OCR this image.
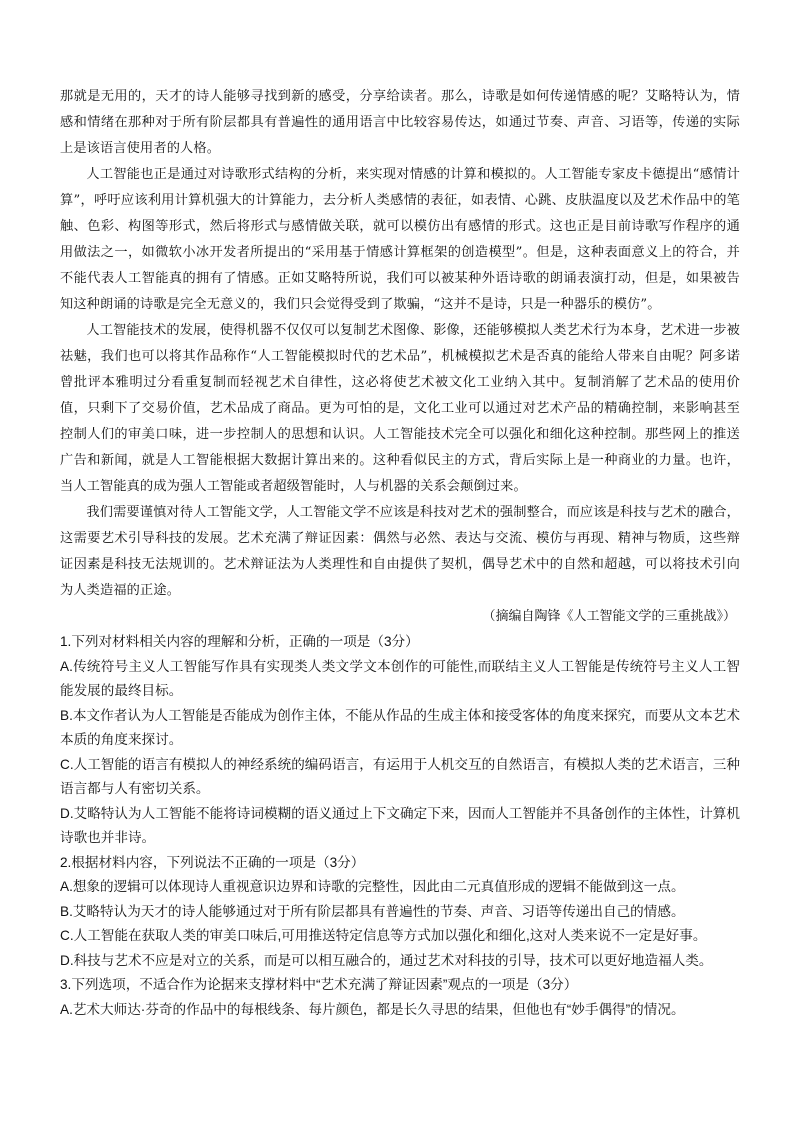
那就是无用的，天才的诗人能够寻找到新的感受，分享给读者。那么，诗歌是如何传递情感的呢？艾略特认为，情感和情绪在那种对于所有阶层都具有普遍性的通用语言中比较容易传达，如通过节奏、声音、习语等，传递的实际上是该语言使用者的人格。

人工智能也正是通过对诗歌形式结构的分析，来实现对情感的计算和模拟的。人工智能专家皮卡德提出“感情计算”，呼吁应该利用计算机强大的计算能力，去分析人类感情的表征，如表情、心跳、皮肤温度以及艺术作品中的笔触、色彩、构图等形式，然后将形式与感情做关联，就可以模仿出有感情的形式。这也正是目前诗歌写作程序的通用做法之一，如微软小冰开发者所提出的“采用基于情感计算框架的创造模型”。但是，这种表面意义上的符合，并不能代表人工智能真的拥有了情感。正如艾略特所说，我们可以被某种外语诗歌的朗诵表演打动，但是，如果被告知这种朗诵的诗歌是完全无意义的，我们只会觉得受到了欺骗，“这并不是诗，只是一种器乐的模仿”。

人工智能技术的发展，使得机器不仅仅可以复制艺术图像、影像，还能够模拟人类艺术行为本身，艺术进一步被祛魅，我们也可以将其作品称作“人工智能模拟时代的艺术品”，机械模拟艺术是否真的能给人带来自由呢？阿多诺曾批评本雅明过分看重复制而轻视艺术自律性，这必将使艺术被文化工业纳入其中。复制消解了艺术品的使用价值，只剩下了交易价值，艺术品成了商品。更为可怕的是，文化工业可以通过对艺术产品的精确控制，来影响甚至控制人们的审美口味，进一步控制人的思想和认识。人工智能技术完全可以强化和细化这种控制。那些网上的推送广告和新闻，就是人工智能根据大数据计算出来的。这种看似民主的方式，背后实际上是一种商业的力量。也许，当人工智能真的成为强人工智能或者超级智能时，人与机器的关系会颠倒过来。

我们需要谨慎对待人工智能文学，人工智能文学不应该是科技对艺术的强制整合，而应该是科技与艺术的融合，这需要艺术引导科技的发展。艺术充满了辩证因素：偶然与必然、表达与交流、模仿与再现、精神与物质，这些辩证因素是科技无法规训的。艺术辩证法为人类理性和自由提供了契机，偶导艺术中的自然和超越，可以将技术引向为人类造福的正途。

（摘编自陶锋《人工智能文学的三重挑战》）

1.下列对材料相关内容的理解和分析，正确的一项是（3分）

A.传统符号主义人工智能写作具有实现类人类文学文本创作的可能性,而联结主义人工智能是传统符号主义人工智能发展的最终目标。

B.本文作者认为人工智能是否能成为创作主体，不能从作品的生成主体和接受客体的角度来探究，而要从文本艺术本质的角度来探讨。

C.人工智能的语言有模拟人的神经系统的编码语言，有运用于人机交互的自然语言，有模拟人类的艺术语言，三种语言都与人有密切关系。

D.艾略特认为人工智能不能将诗词模糊的语义通过上下文确定下来，因而人工智能并不具备创作的主体性，计算机诗歌也并非诗。

2.根据材料内容，下列说法不正确的一项是（3分）

A.想象的逻辑可以体现诗人重视意识边界和诗歌的完整性，因此由二元真值形成的逻辑不能做到这一点。

B.艾略特认为天才的诗人能够通过对于所有阶层都具有普遍性的节奏、声音、习语等传递出自己的情感。

C.人工智能在获取人类的审美口味后,可用推送特定信息等方式加以强化和细化,这对人类来说不一定是好事。

D.科技与艺术不应是对立的关系，而是可以相互融合的，通过艺术对科技的引导，技术可以更好地造福人类。

3.下列选项，不适合作为论据来支撑材料中“艺术充满了辩证因素”观点的一项是（3分）

A.艺术大师达·芬奇的作品中的每根线条、每片颜色，都是长久寻思的结果，但他也有“妙手偶得”的情况。
